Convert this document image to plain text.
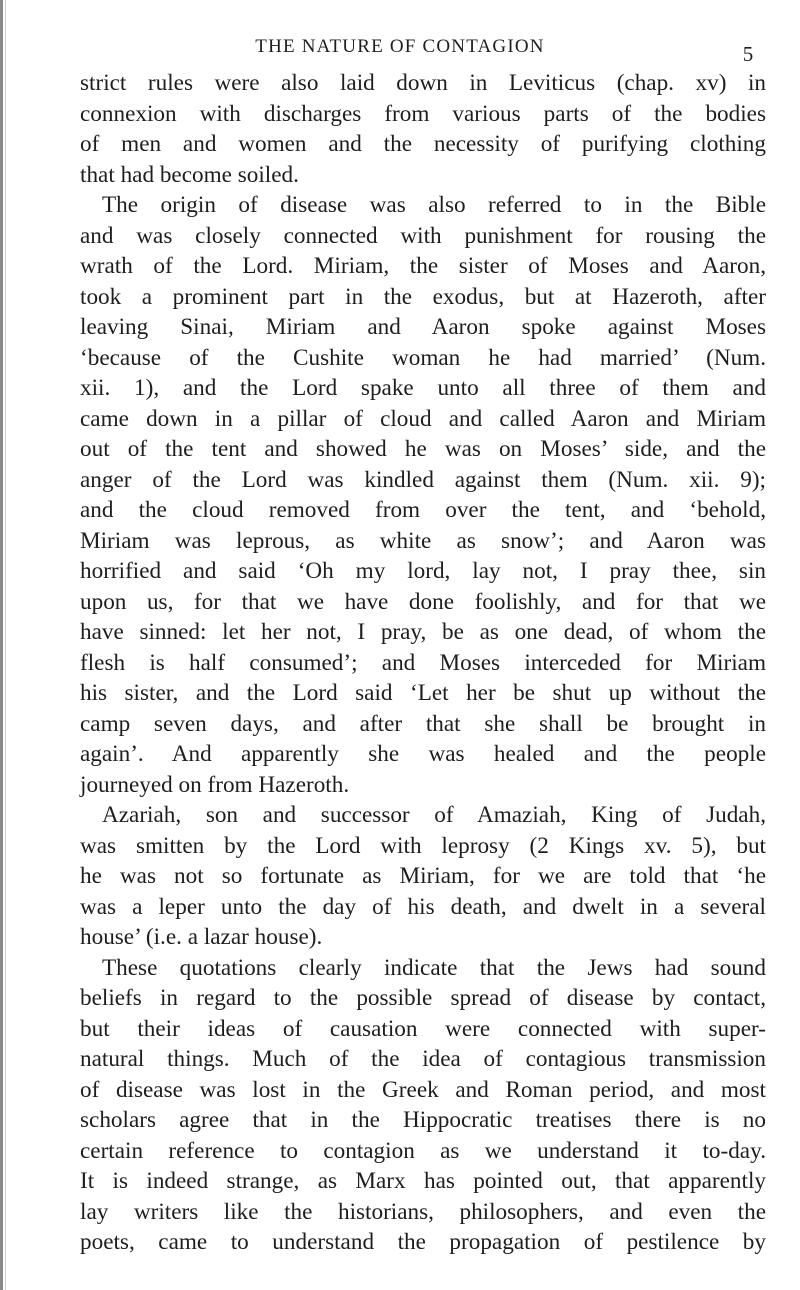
THE NATURE OF CONTAGION	5
strict rules were also laid down in Leviticus (chap. xv) in
connexion with discharges from various parts of the bodies
of men and women and the necessity of purifying clothing
that had become soiled.
The origin of disease was also referred to in the Bible
and was closely connected with punishment for rousing the
wrath of the Lord. Miriam, the sister of Moses and Aaron,
took a prominent part in the exodus, but at Hazeroth, after
leaving Sinai, Miriam and Aaron spoke against Moses
‘because of the Cushite woman he had married’ (Num.
xii. 1), and the Lord spake unto all three of them and
came down in a pillar of cloud and called Aaron and Miriam
out of the tent and showed he was on Moses’ side, and the
anger of the Lord was kindled against them (Num. xii. 9);
and the cloud removed from over the tent, and ‘behold,
Miriam was leprous, as white as snow’; and Aaron was
horrified and said ‘Oh my lord, lay not, I pray thee, sin
upon us, for that we have done foolishly, and for that we
have sinned: let her not, I pray, be as one dead, of whom the
flesh is half consumed’; and Moses interceded for Miriam
his sister, and the Lord said ‘Let her be shut up without the
camp seven days, and after that she shall be brought in
again’. And apparently she was healed and the people
journeyed on from Hazeroth.
Azariah, son and successor of Amaziah, King of Judah,
was smitten by the Lord with leprosy (2 Kings xv. 5), but
he was not so fortunate as Miriam, for we are told that ‘he
was a leper unto the day of his death, and dwelt in a several
house’ (i.e. a lazar house).
These quotations clearly indicate that the Jews had sound
beliefs in regard to the possible spread of disease by contact,
but their ideas of causation were connected with super-
natural things. Much of the idea of contagious transmission
of disease was lost in the Greek and Roman period, and most
scholars agree that in the Hippocratic treatises there is no
certain reference to contagion as we understand it to-day.
It is indeed strange, as Marx has pointed out, that apparently
lay writers like the historians, philosophers, and even the
poets, came to understand the propagation of pestilence by
